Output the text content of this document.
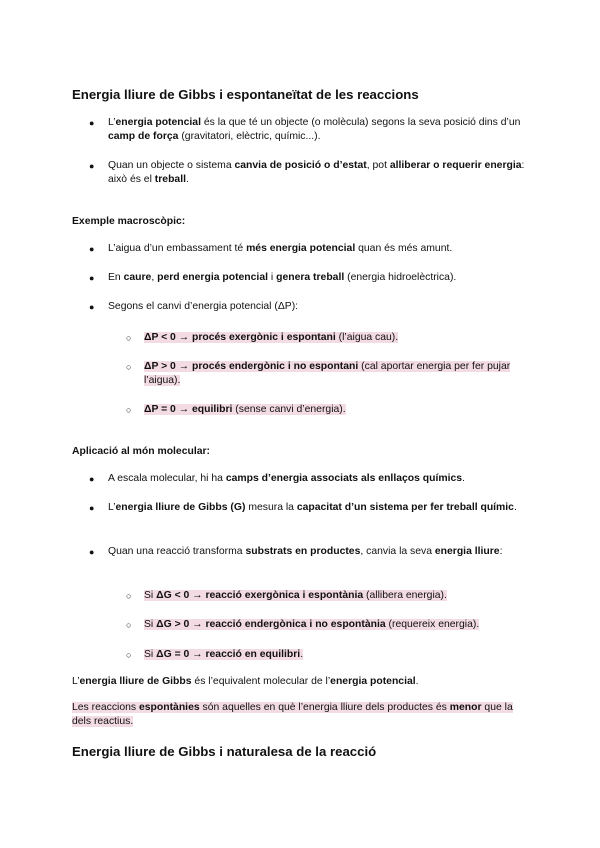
Energia lliure de Gibbs i espontaneïtat de les reaccions
● L’energia potencial és la que té un objecte (o molècula) segons la seva posició dins d’un camp de força (gravitatori, elèctric, químic...).
● Quan un objecte o sistema canvia de posició o d’estat, pot alliberar o requerir energia: això és el treball.
Exemple macroscòpic:
● L’aigua d’un embassament té més energia potencial quan és més amunt.
● En caure, perd energia potencial i genera treball (energia hidroelèctrica).
● Segons el canvi d’energia potencial (ΔP):
○ ΔP < 0 → procés exergònic i espontani (l’aigua cau).
○ ΔP > 0 → procés endergònic i no espontani (cal aportar energia per fer pujar l’aigua).
○ ΔP = 0 → equilibri (sense canvi d’energia).
Aplicació al món molecular:
● A escala molecular, hi ha camps d’energia associats als enllaços químics.
● L’energia lliure de Gibbs (G) mesura la capacitat d’un sistema per fer treball químic.
● Quan una reacció transforma substrats en productes, canvia la seva energia lliure:
○ Si ΔG < 0 → reacció exergònica i espontània (allibera energia).
○ Si ΔG > 0 → reacció endergònica i no espontània (requereix energia).
○ Si ΔG = 0 → reacció en equilibri.
L’energia lliure de Gibbs és l’equivalent molecular de l’energia potencial.
Les reaccions espontànies són aquelles en què l’energia lliure dels productes és menor que la dels reactius.
Energia lliure de Gibbs i naturalesa de la reacció
